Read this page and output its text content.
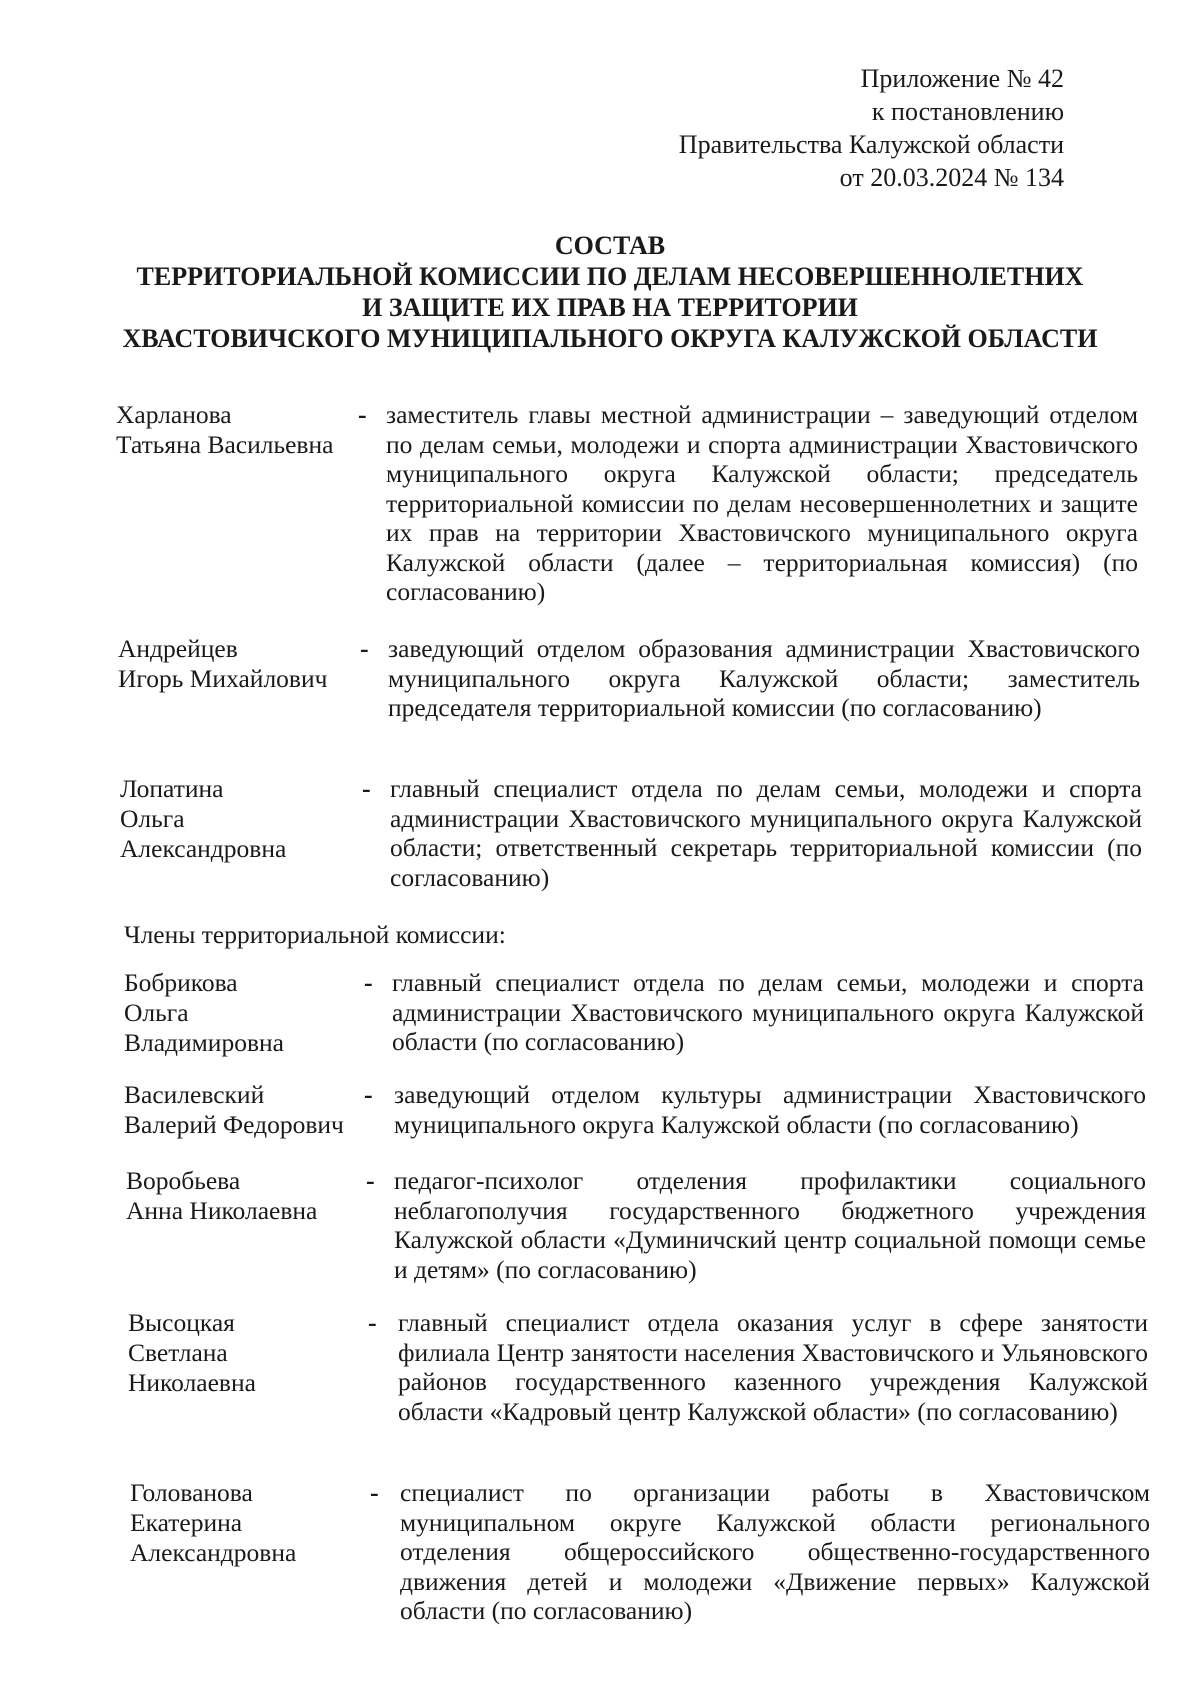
Приложение № 42
к постановлению
Правительства Калужской области
от 20.03.2024 № 134
СОСТАВ
ТЕРРИТОРИАЛЬНОЙ КОМИССИИ ПО ДЕЛАМ НЕСОВЕРШЕННОЛЕТНИХ
И ЗАЩИТЕ ИХ ПРАВ НА ТЕРРИТОРИИ
ХВАСТОВИЧСКОГО МУНИЦИПАЛЬНОГО ОКРУГА КАЛУЖСКОЙ ОБЛАСТИ
Харланова
Татьяна Васильевна
- заместитель главы местной администрации – заведующий отделом по делам семьи, молодежи и спорта администрации Хвастовичского муниципального округа Калужской области; председатель территориальной комиссии по делам несовершеннолетних и защите их прав на территории Хвастовичского муниципального округа Калужской области (далее – территориальная комиссия) (по согласованию)
Андрейцев
Игорь Михайлович
- заведующий отделом образования администрации Хвастовичского муниципального округа Калужской области; заместитель председателя территориальной комиссии (по согласованию)
Лопатина
Ольга
Александровна
- главный специалист отдела по делам семьи, молодежи и спорта администрации Хвастовичского муниципального округа Калужской области; ответственный секретарь территориальной комиссии (по согласованию)
Члены территориальной комиссии:
Бобрикова
Ольга
Владимировна
- главный специалист отдела по делам семьи, молодежи и спорта администрации Хвастовичского муниципального округа Калужской области (по согласованию)
Василевский
Валерий Федорович
- заведующий отделом культуры администрации Хвастовичского муниципального округа Калужской области (по согласованию)
Воробьева
Анна Николаевна
- педагог-психолог отделения профилактики социального неблагополучия государственного бюджетного учреждения Калужской области «Думиничский центр социальной помощи семье и детям» (по согласованию)
Высоцкая
Светлана
Николаевна
- главный специалист отдела оказания услуг в сфере занятости филиала Центр занятости населения Хвастовичского и Ульяновского районов государственного казенного учреждения Калужской области «Кадровый центр Калужской области» (по согласованию)
Голованова
Екатерина
Александровна
- специалист по организации работы в Хвастовичском муниципальном округе Калужской области регионального отделения общероссийского общественно-государственного движения детей и молодежи «Движение первых» Калужской области (по согласованию)
